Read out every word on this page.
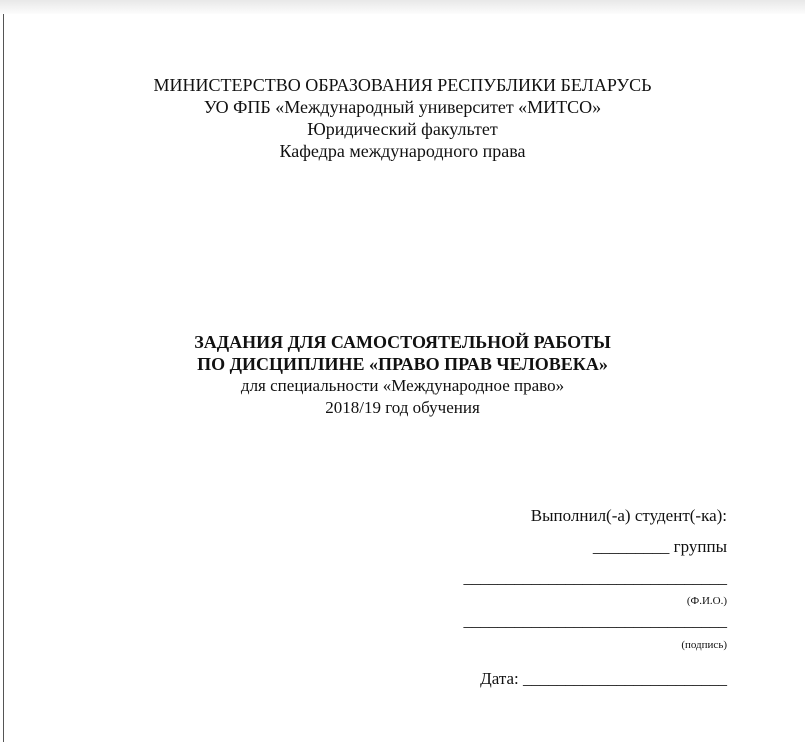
МИНИСТЕРСТВО ОБРАЗОВАНИЯ РЕСПУБЛИКИ БЕЛАРУСЬ
УО ФПБ «Международный университет «МИТСО»
Юридический факультет
Кафедра международного права
ЗАДАНИЯ ДЛЯ САМОСТОЯТЕЛЬНОЙ РАБОТЫ
ПО ДИСЦИПЛИНЕ «ПРАВО ПРАВ ЧЕЛОВЕКА»
для специальности «Международное право»
2018/19 год обучения
Выполнил(-а) студент(-ка):
_________ группы
_______________________________
(Ф.И.О.)
_______________________________
(подпись)
Дата: ________________________
